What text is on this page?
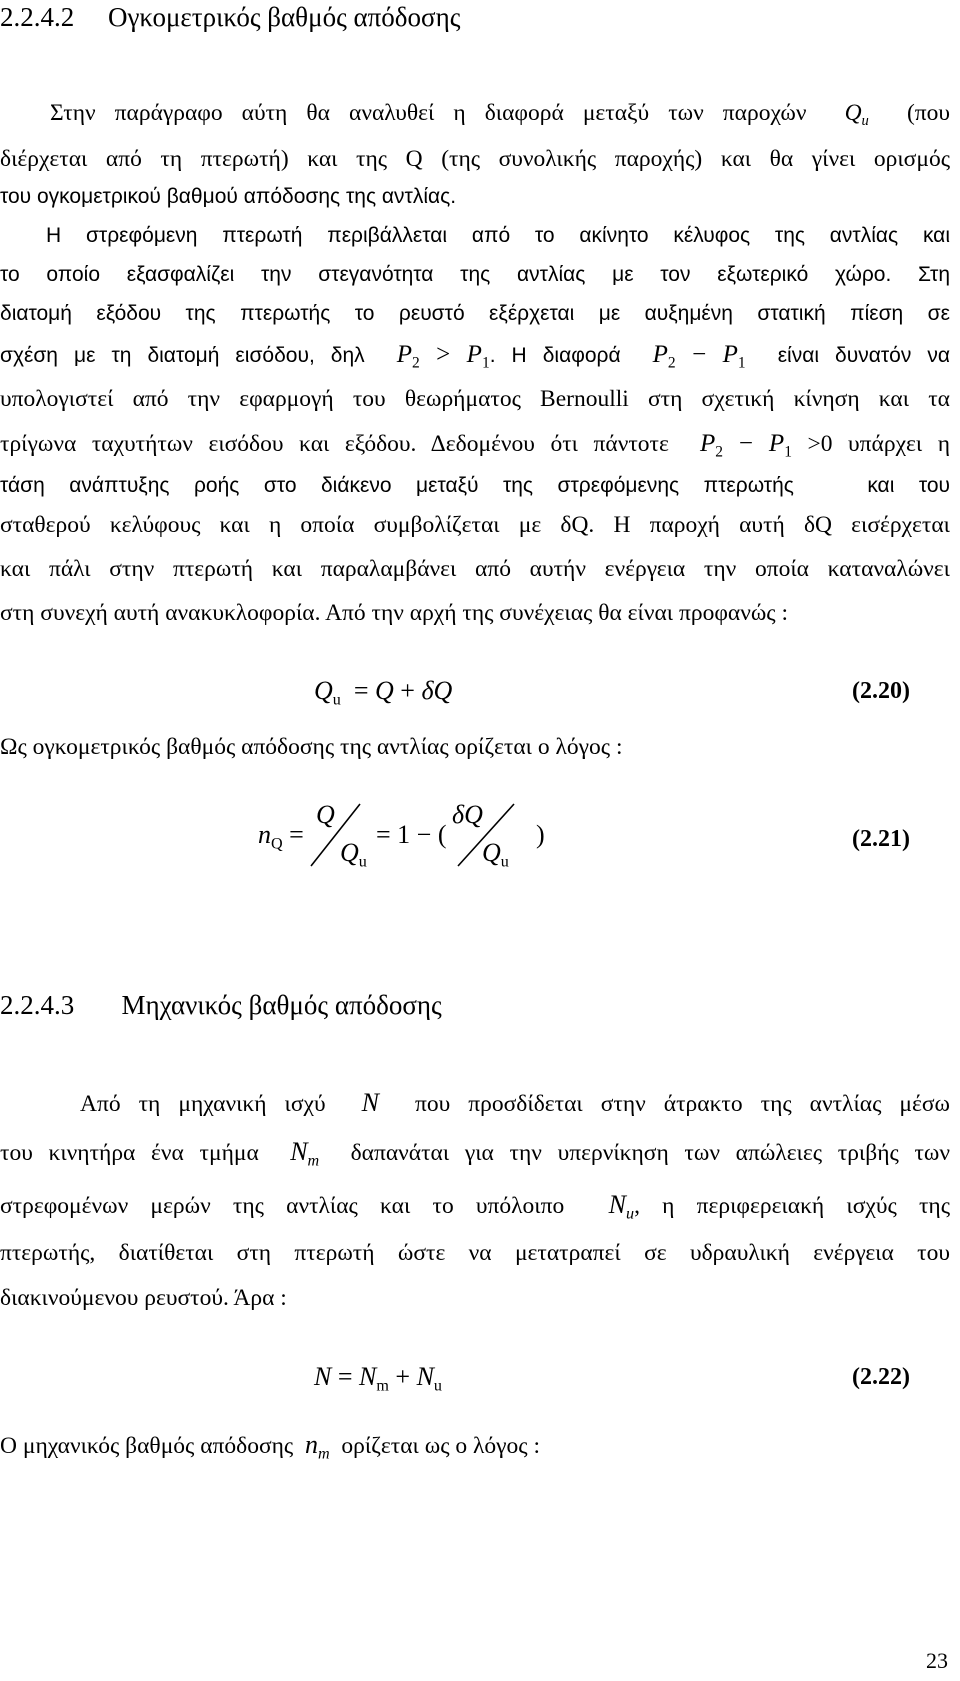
2.2.4.2 Ογκομετρικός βαθμός απόδοσης
Στην παράγραφο αύτη θα αναλυθεί η διαφορά μεταξύ των παροχών $Q_u$ (που
διέρχεται από τη πτερωτή) και της Q (της συνολικής παροχής) και θα γίνει ορισμός
του ογκομετρικού βαθμού απόδοσης της αντλίας.
Η στρεφόμενη πτερωτή περιβάλλεται από το ακίνητο κέλυφος της αντλίας και
το οποίο εξασφαλίζει την στεγανότητα της αντλίας με τον εξωτερικό χώρο. Στη
διατομή εξόδου της πτερωτής το ρευστό εξέρχεται με αυξημένη στατική πίεση σε
σχέση με τη διατομή εισόδου, δηλ $P_2 > P_1$. Η διαφορά $P_2 - P_1$ είναι δυνατόν να
υπολογιστεί από την εφαρμογή του θεωρήματος Bernoulli στη σχετική κίνηση και τα
τρίγωνα ταχυτήτων εισόδου και εξόδου. Δεδομένου ότι πάντοτε $P_2 - P_1 >0$ υπάρχει η
τάση ανάπτυξης ροής στο διάκενο μεταξύ της στρεφόμενης πτερωτής	και του
σταθερού κελύφους και η οποία συμβολίζεται με δQ. Η παροχή αυτή δQ εισέρχεται
και πάλι στην πτερωτή και παραλαμβάνει από αυτήν ενέργεια την οποία καταναλώνει
στη συνεχή αυτή ανακυκλοφορία. Από την αρχή της συνέχειας θα είναι προφανώς :
$Q_u = Q + \delta Q$	(2.20)
Ως ογκομετρικός βαθμός απόδοσης της αντλίας ορίζεται ο λόγος :
$n_Q$ =
Q
$Q_u$
= 1 − (
δQ
$Q_u$
)	(2.21)
2.2.4.3 Μηχανικός βαθμός απόδοσης
Από τη μηχανική ισχύ N που προσδίδεται στην άτρακτο της αντλίας μέσω
του κινητήρα ένα τμήμα $N_m$ δαπανάται για την υπερνίκηση των απώλειες τριβής των
στρεφομένων μερών της αντλίας και το υπόλοιπο $N_u$, η περιφερειακή ισχύς της
πτερωτής, διατίθεται στη πτερωτή ώστε να μετατραπεί σε υδραυλική ενέργεια του
διακινούμενου ρευστού. Άρα :
$N = N_m + N_u$	(2.22)
Ο μηχανικός βαθμός απόδοσης $n_m$ ορίζεται ως ο λόγος :
23
